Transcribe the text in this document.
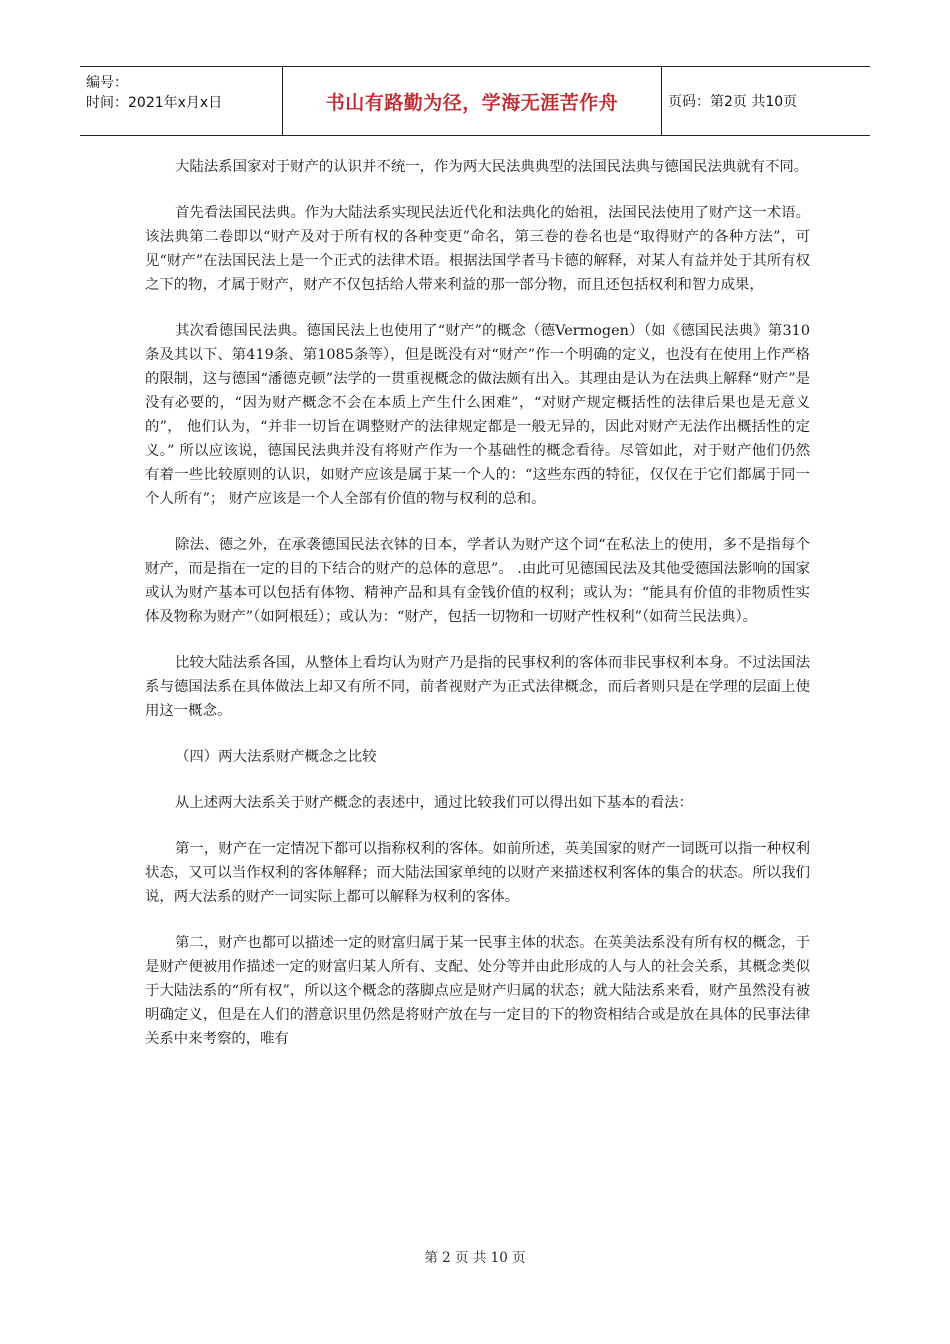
编号：
时间：2021年x月x日	书山有路勤为径，学海无涯苦作舟	页码：第2页 共10页

大陆法系国家对于财产的认识并不统一，作为两大民法典典型的法国民法典与德国民法典就有不同。

首先看法国民法典。作为大陆法系实现民法近代化和法典化的始祖，法国民法使用了财产这一术语。该法典第二卷即以“财产及对于所有权的各种变更”命名，第三卷的卷名也是“取得财产的各种方法”，可见“财产”在法国民法上是一个正式的法律术语。根据法国学者马卡德的解释，对某人有益并处于其所有权之下的物，才属于财产，财产不仅包括给人带来利益的那一部分物，而且还包括权利和智力成果，

其次看德国民法典。德国民法上也使用了“财产”的概念（德Vermogen）（如《德国民法典》第310条及其以下、第419条、第1085条等），但是既没有对“财产”作一个明确的定义，也没有在使用上作严格的限制，这与德国“潘德克顿”法学的一贯重视概念的做法颇有出入。其理由是认为在法典上解释“财产”是没有必要的，“因为财产概念不会在本质上产生什么困难”，“对财产规定概括性的法律后果也是无意义的”， 他们认为，“并非一切旨在调整财产的法律规定都是一般无异的，因此对财产无法作出概括性的定义。” 所以应该说，德国民法典并没有将财产作为一个基础性的概念看待。尽管如此，对于财产他们仍然有着一些比较原则的认识，如财产应该是属于某一个人的：“这些东西的特征，仅仅在于它们都属于同一个人所有”； 财产应该是一个人全部有价值的物与权利的总和。

除法、德之外，在承袭德国民法衣钵的日本，学者认为财产这个词“在私法上的使用，多不是指每个财产，而是指在一定的目的下结合的财产的总体的意思”。 .由此可见德国民法及其他受德国法影响的国家或认为财产基本可以包括有体物、精神产品和具有金钱价值的权利；或认为：“能具有价值的非物质性实体及物称为财产”（如阿根廷）；或认为：“财产，包括一切物和一切财产性权利”（如荷兰民法典）。

比较大陆法系各国，从整体上看均认为财产乃是指的民事权利的客体而非民事权利本身。不过法国法系与德国法系在具体做法上却又有所不同，前者视财产为正式法律概念，而后者则只是在学理的层面上使用这一概念。

（四）两大法系财产概念之比较

从上述两大法系关于财产概念的表述中，通过比较我们可以得出如下基本的看法：

第一，财产在一定情况下都可以指称权利的客体。如前所述，英美国家的财产一词既可以指一种权利状态，又可以当作权利的客体解释；而大陆法国家单纯的以财产来描述权利客体的集合的状态。所以我们说，两大法系的财产一词实际上都可以解释为权利的客体。

第二，财产也都可以描述一定的财富归属于某一民事主体的状态。在英美法系没有所有权的概念，于是财产便被用作描述一定的财富归某人所有、支配、处分等并由此形成的人与人的社会关系，其概念类似于大陆法系的“所有权”，所以这个概念的落脚点应是财产归属的状态；就大陆法系来看，财产虽然没有被明确定义，但是在人们的潜意识里仍然是将财产放在与一定目的下的物资相结合或是放在具体的民事法律关系中来考察的，唯有

第 2 页 共 10 页
